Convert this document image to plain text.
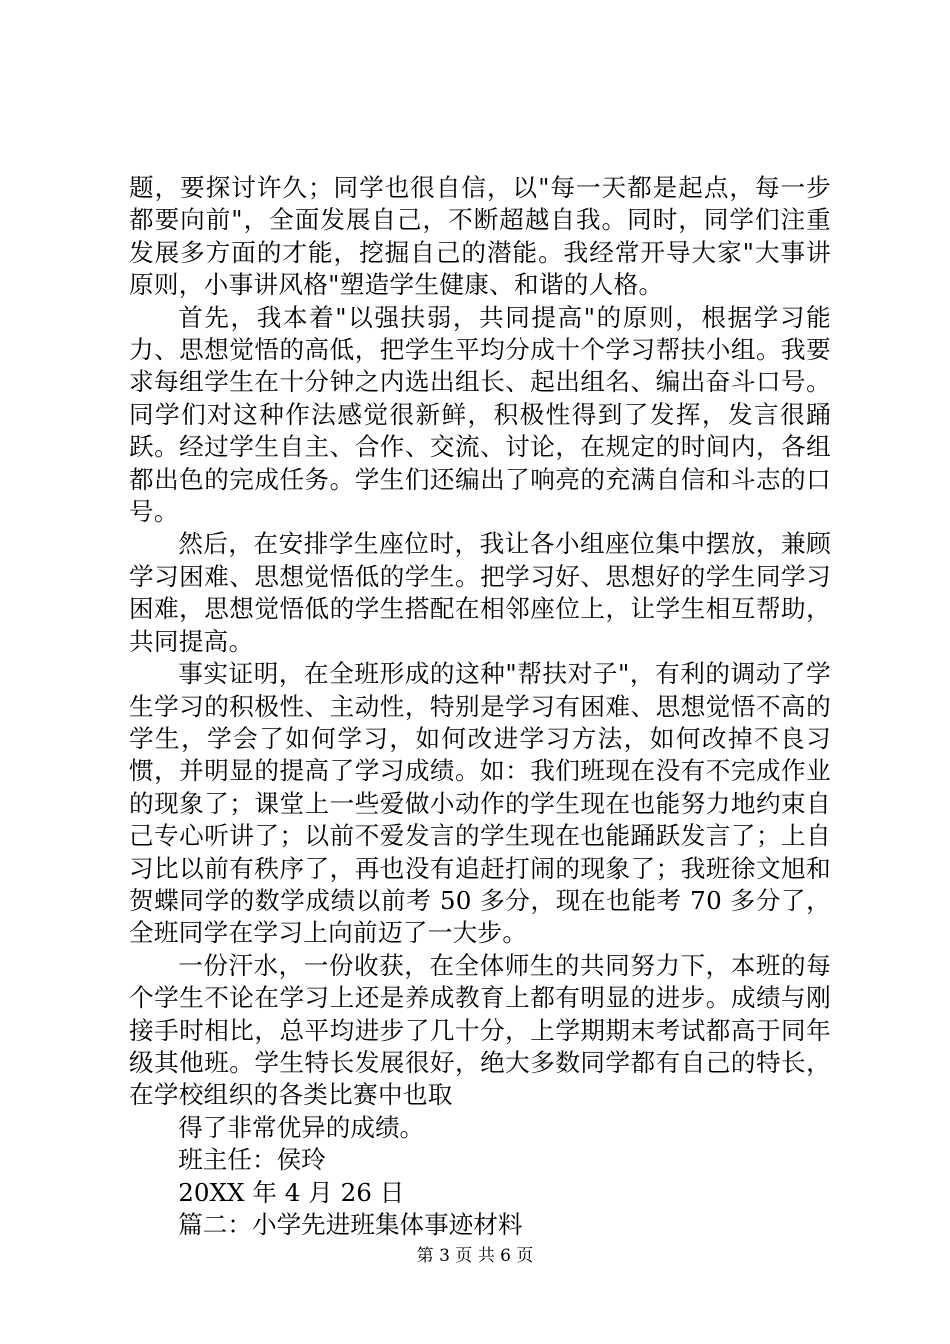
题，要探讨许久；同学也很自信，以"每一天都是起点，每一步都要向前"，全面发展自己，不断超越自我。同时，同学们注重发展多方面的才能，挖掘自己的潜能。我经常开导大家"大事讲原则，小事讲风格"塑造学生健康、和谐的人格。

首先，我本着"以强扶弱，共同提高"的原则，根据学习能力、思想觉悟的高低，把学生平均分成十个学习帮扶小组。我要求每组学生在十分钟之内选出组长、起出组名、编出奋斗口号。同学们对这种作法感觉很新鲜，积极性得到了发挥，发言很踊跃。经过学生自主、合作、交流、讨论，在规定的时间内，各组都出色的完成任务。学生们还编出了响亮的充满自信和斗志的口号。

然后，在安排学生座位时，我让各小组座位集中摆放，兼顾学习困难、思想觉悟低的学生。把学习好、思想好的学生同学习困难，思想觉悟低的学生搭配在相邻座位上，让学生相互帮助，共同提高。

事实证明，在全班形成的这种"帮扶对子"，有利的调动了学生学习的积极性、主动性，特别是学习有困难、思想觉悟不高的学生，学会了如何学习，如何改进学习方法，如何改掉不良习惯，并明显的提高了学习成绩。如：我们班现在没有不完成作业的现象了；课堂上一些爱做小动作的学生现在也能努力地约束自己专心听讲了；以前不爱发言的学生现在也能踊跃发言了；上自习比以前有秩序了，再也没有追赶打闹的现象了；我班徐文旭和贺蝶同学的数学成绩以前考 50 多分，现在也能考 70 多分了，全班同学在学习上向前迈了一大步。

一份汗水，一份收获，在全体师生的共同努力下，本班的每个学生不论在学习上还是养成教育上都有明显的进步。成绩与刚接手时相比，总平均进步了几十分，上学期期末考试都高于同年级其他班。学生特长发展很好，绝大多数同学都有自己的特长，在学校组织的各类比赛中也取

得了非常优异的成绩。

班主任：侯玲

20XX 年 4 月 26 日

篇二：小学先进班集体事迹材料

第 3 页 共 6 页
